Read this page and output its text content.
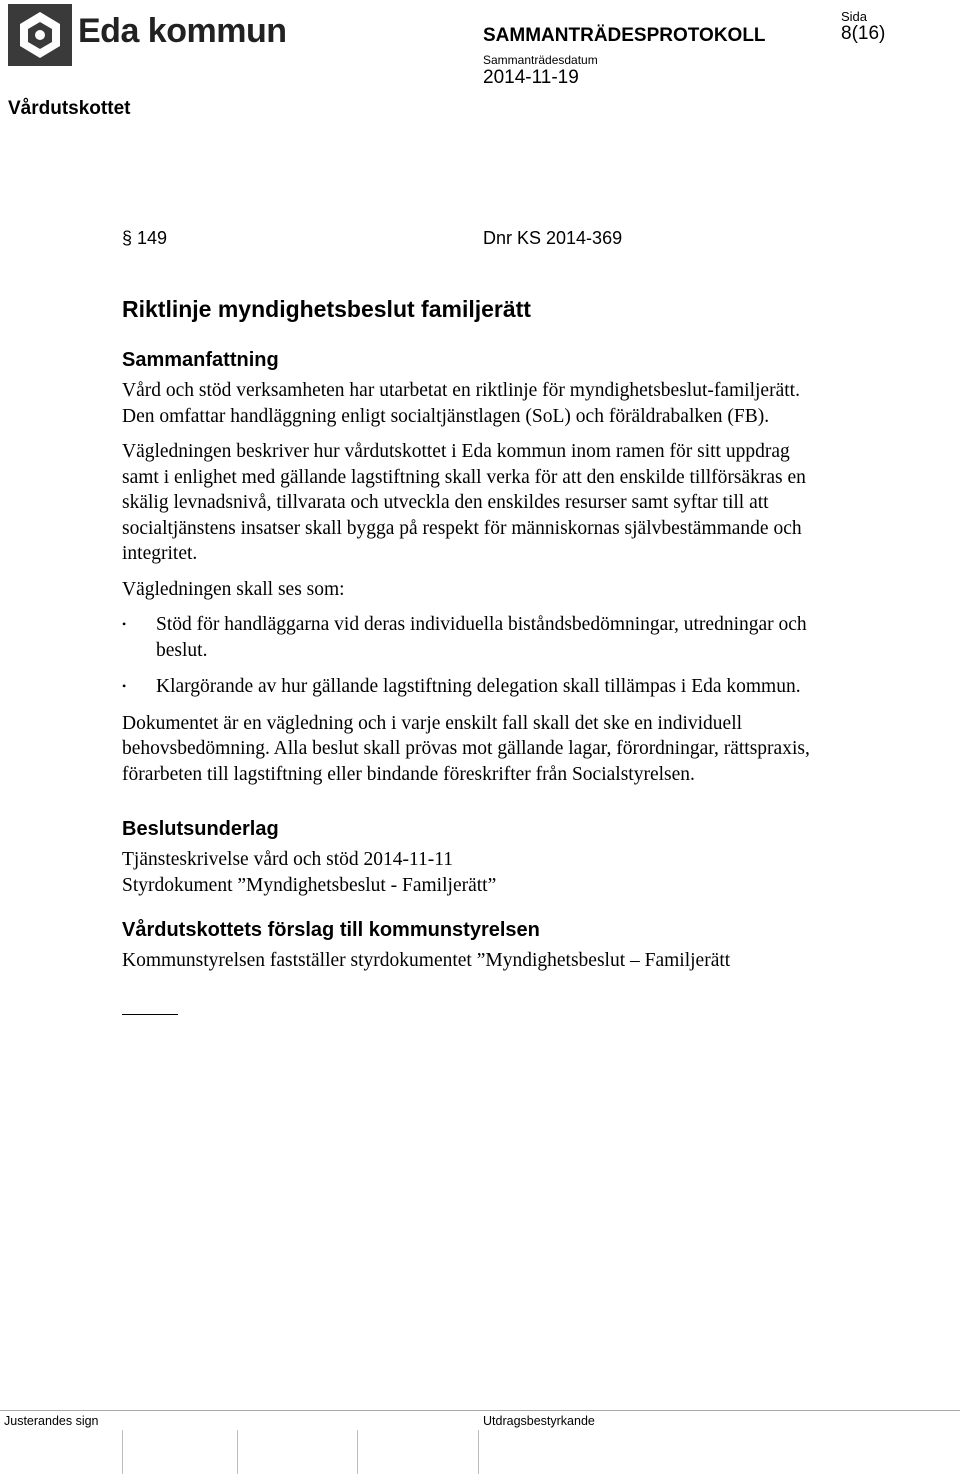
Eda kommun
Vårdutskottet
SAMMANTRÄDESPROTOKOLL
Sammanträdesdatum
2014-11-19
Sida
8(16)
§ 149	Dnr KS 2014-369
Riktlinje myndighetsbeslut familjerätt
Sammanfattning

Vård och stöd verksamheten har utarbetat en riktlinje för myndighetsbeslut-familjerätt. Den omfattar handläggning enligt socialtjänstlagen (SoL) och föräldrabalken (FB).

Vägledningen beskriver hur vårdutskottet i Eda kommun inom ramen för sitt uppdrag samt i enlighet med gällande lagstiftning skall verka för att den enskilde tillförsäkras en skälig levnadsnivå, tillvarata och utveckla den enskildes resurser samt syftar till att socialtjänstens insatser skall bygga på respekt för människornas självbestämmande och integritet.

Vägledningen skall ses som:

• Stöd för handläggarna vid deras individuella biståndsbedömningar, utredningar och beslut.
• Klargörande av hur gällande lagstiftning delegation skall tillämpas i Eda kommun.

Dokumentet är en vägledning och i varje enskilt fall skall det ske en individuell behovsbedömning. Alla beslut skall prövas mot gällande lagar, förordningar, rättspraxis, förarbeten till lagstiftning eller bindande föreskrifter från Socialstyrelsen.

Beslutsunderlag

Tjänsteskrivelse vård och stöd 2014-11-11

Styrdokument ”Myndighetsbeslut - Familjerätt”

Vårdutskottets förslag till kommunstyrelsen

Kommunstyrelsen fastställer styrdokumentet ”Myndighetsbeslut – Familjerätt

Justerandes sign	Utdragsbestyrkande
